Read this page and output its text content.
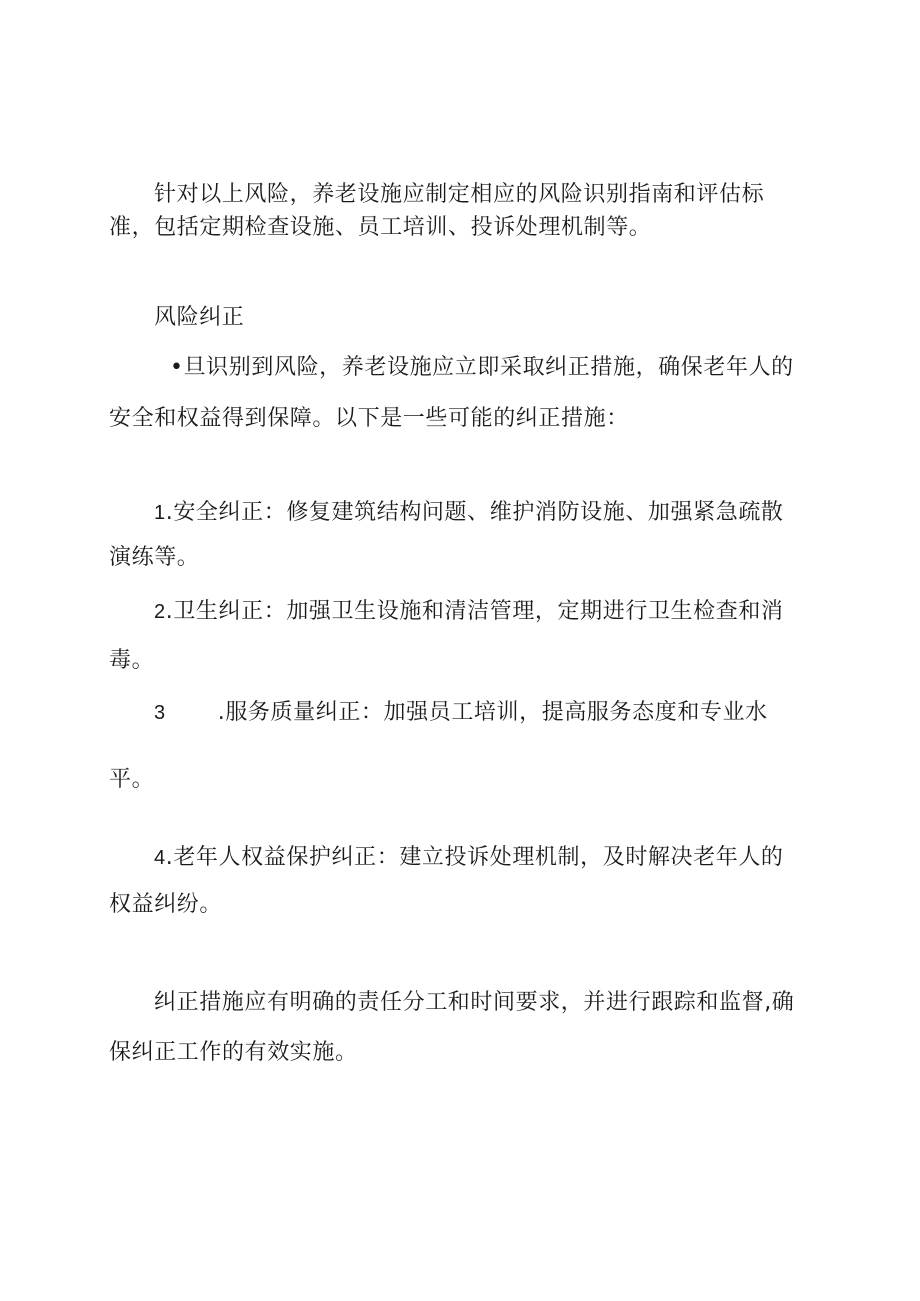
针对以上风险，养老设施应制定相应的风险识别指南和评估标
准，包括定期检查设施、员工培训、投诉处理机制等。
风险纠正
•旦识别到风险，养老设施应立即采取纠正措施，确保老年人的
安全和权益得到保障。以下是一些可能的纠正措施：
1.安全纠正：修复建筑结构问题、维护消防设施、加强紧急疏散
演练等。
2.卫生纠正：加强卫生设施和清洁管理，定期进行卫生检查和消
毒。
3 .服务质量纠正：加强员工培训，提高服务态度和专业水
平。
4.老年人权益保护纠正：建立投诉处理机制，及时解决老年人的
权益纠纷。
纠正措施应有明确的责任分工和时间要求，并进行跟踪和监督,确
保纠正工作的有效实施。
